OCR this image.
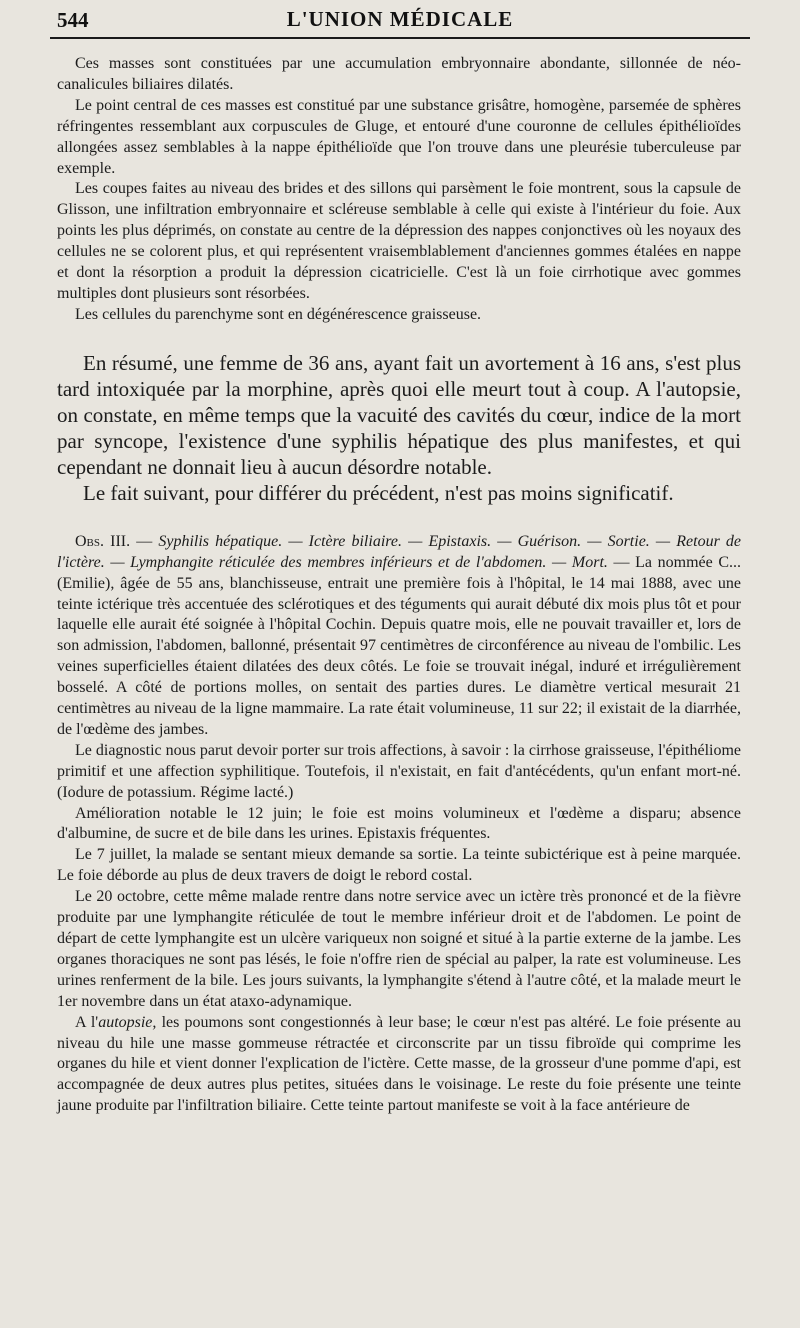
544	L'UNION MÉDICALE

Ces masses sont constituées par une accumulation embryonnaire abondante, sillonnée de néo-canalicules biliaires dilatés.

Le point central de ces masses est constitué par une substance grisâtre, homogène, parsemée de sphères réfringentes ressemblant aux corpuscules de Gluge, et entouré d'une couronne de cellules épithélioïdes allongées assez semblables à la nappe épithélioïde que l'on trouve dans une pleurésie tuberculeuse par exemple.

Les coupes faites au niveau des brides et des sillons qui parsèment le foie montrent, sous la capsule de Glisson, une infiltration embryonnaire et scléreuse semblable à celle qui existe à l'intérieur du foie. Aux points les plus déprimés, on constate au centre de la dépression des nappes conjonctives où les noyaux des cellules ne se colorent plus, et qui représentent vraisemblablement d'anciennes gommes étalées en nappe et dont la résorption a produit la dépression cicatricielle. C'est là un foie cirrhotique avec gommes multiples dont plusieurs sont résorbées.

Les cellules du parenchyme sont en dégénérescence graisseuse.

En résumé, une femme de 36 ans, ayant fait un avortement à 16 ans, s'est plus tard intoxiquée par la morphine, après quoi elle meurt tout à coup. A l'autopsie, on constate, en même temps que la vacuité des cavités du cœur, indice de la mort par syncope, l'existence d'une syphilis hépatique des plus manifestes, et qui cependant ne donnait lieu à aucun désordre notable.

Le fait suivant, pour différer du précédent, n'est pas moins significatif.

Obs. III. — Syphilis hépatique. — Ictère biliaire. — Epistaxis. — Guérison. — Sortie. — Retour de l'ictère. — Lymphangite réticulée des membres inférieurs et de l'abdomen. — Mort. — La nommée C... (Emilie), âgée de 55 ans, blanchisseuse, entrait une première fois à l'hôpital, le 14 mai 1888, avec une teinte ictérique très accentuée des sclérotiques et des téguments qui aurait débuté dix mois plus tôt et pour laquelle elle aurait été soignée à l'hôpital Cochin. Depuis quatre mois, elle ne pouvait travailler et, lors de son admission, l'abdomen, ballonné, présentait 97 centimètres de circonférence au niveau de l'ombilic. Les veines superficielles étaient dilatées des deux côtés. Le foie se trouvait inégal, induré et irrégulièrement bosselé. A côté de portions molles, on sentait des parties dures. Le diamètre vertical mesurait 21 centimètres au niveau de la ligne mammaire. La rate était volumineuse, 11 sur 22; il existait de la diarrhée, de l'œdème des jambes.

Le diagnostic nous parut devoir porter sur trois affections, à savoir : la cirrhose graisseuse, l'épithéliome primitif et une affection syphilitique. Toutefois, il n'existait, en fait d'antécédents, qu'un enfant mort-né. (Iodure de potassium. Régime lacté.)

Amélioration notable le 12 juin; le foie est moins volumineux et l'œdème a disparu; absence d'albumine, de sucre et de bile dans les urines. Epistaxis fréquentes.

Le 7 juillet, la malade se sentant mieux demande sa sortie. La teinte subictérique est à peine marquée. Le foie déborde au plus de deux travers de doigt le rebord costal.

Le 20 octobre, cette même malade rentre dans notre service avec un ictère très prononcé et de la fièvre produite par une lymphangite réticulée de tout le membre inférieur droit et de l'abdomen. Le point de départ de cette lymphangite est un ulcère variqueux non soigné et situé à la partie externe de la jambe. Les organes thoraciques ne sont pas lésés, le foie n'offre rien de spécial au palper, la rate est volumineuse. Les urines renferment de la bile. Les jours suivants, la lymphangite s'étend à l'autre côté, et la malade meurt le 1er novembre dans un état ataxo-adynamique.

A l'autopsie, les poumons sont congestionnés à leur base; le cœur n'est pas altéré. Le foie présente au niveau du hile une masse gommeuse rétractée et circonscrite par un tissu fibroïde qui comprime les organes du hile et vient donner l'explication de l'ictère. Cette masse, de la grosseur d'une pomme d'api, est accompagnée de deux autres plus petites, situées dans le voisinage. Le reste du foie présente une teinte jaune produite par l'infiltration biliaire. Cette teinte partout manifeste se voit à la face antérieure de
